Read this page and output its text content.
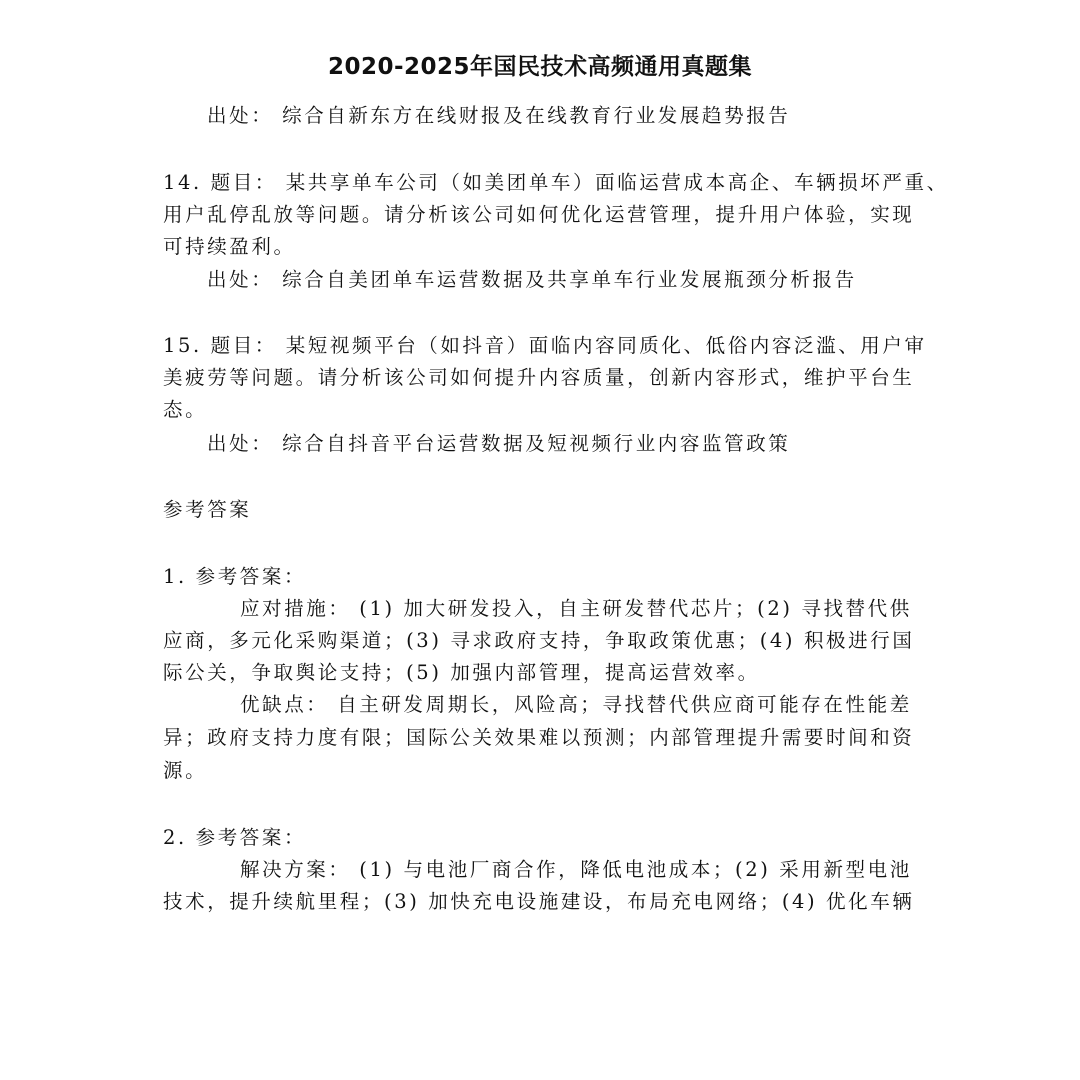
2020-2025年国民技术高频通用真题集
出处： 综合自新东方在线财报及在线教育行业发展趋势报告
14. 题目： 某共享单车公司（如美团单车）面临运营成本高企、车辆损坏严重、
用户乱停乱放等问题。请分析该公司如何优化运营管理，提升用户体验，实现
可持续盈利。
出处： 综合自美团单车运营数据及共享单车行业发展瓶颈分析报告
15. 题目： 某短视频平台（如抖音）面临内容同质化、低俗内容泛滥、用户审
美疲劳等问题。请分析该公司如何提升内容质量，创新内容形式，维护平台生
态。
出处： 综合自抖音平台运营数据及短视频行业内容监管政策
参考答案
1. 参考答案：
应对措施： (1) 加大研发投入，自主研发替代芯片；(2) 寻找替代供
应商，多元化采购渠道；(3) 寻求政府支持，争取政策优惠；(4) 积极进行国
际公关，争取舆论支持；(5) 加强内部管理，提高运营效率。
优缺点： 自主研发周期长，风险高；寻找替代供应商可能存在性能差
异；政府支持力度有限；国际公关效果难以预测；内部管理提升需要时间和资
源。
2. 参考答案：
解决方案： (1) 与电池厂商合作，降低电池成本；(2) 采用新型电池
技术，提升续航里程；(3) 加快充电设施建设，布局充电网络；(4) 优化车辆
